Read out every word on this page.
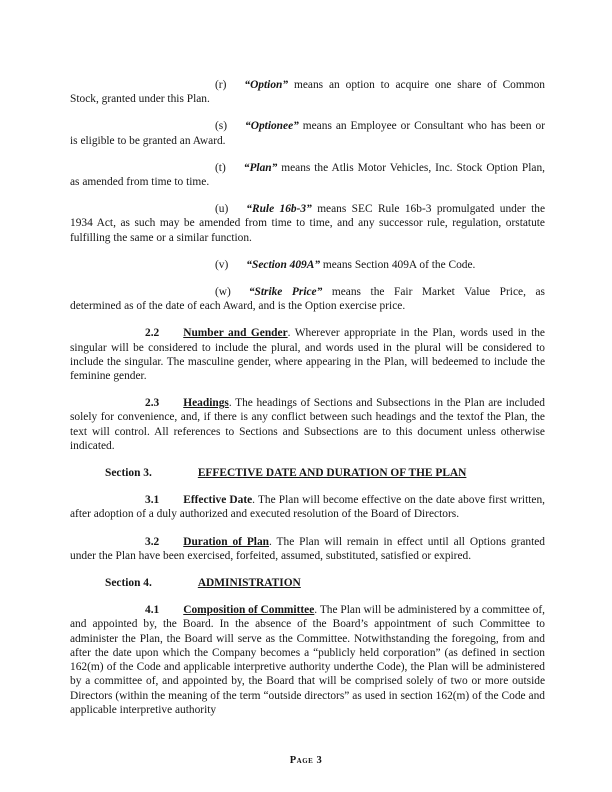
(r) “Option” means an option to acquire one share of Common Stock, granted under this Plan.

(s) “Optionee” means an Employee or Consultant who has been or is eligible to be granted an Award.

(t) “Plan” means the Atlis Motor Vehicles, Inc. Stock Option Plan, as amended from time to time.

(u) “Rule 16b-3” means SEC Rule 16b-3 promulgated under the 1934 Act, as such may be amended from time to time, and any successor rule, regulation, orstatute fulfilling the same or a similar function.

(v) “Section 409A” means Section 409A of the Code.

(w) “Strike Price” means the Fair Market Value Price, as determined as of the date of each Award, and is the Option exercise price.

2.2 Number and Gender. Wherever appropriate in the Plan, words used in the singular will be considered to include the plural, and words used in the plural will be considered to include the singular. The masculine gender, where appearing in the Plan, will bedeemed to include the feminine gender.

2.3 Headings. The headings of Sections and Subsections in the Plan are included solely for convenience, and, if there is any conflict between such headings and the textof the Plan, the text will control. All references to Sections and Subsections are to this document unless otherwise indicated.

Section 3.	EFFECTIVE DATE AND DURATION OF THE PLAN

3.1 Effective Date. The Plan will become effective on the date above first written, after adoption of a duly authorized and executed resolution of the Board of Directors.

3.2 Duration of Plan. The Plan will remain in effect until all Options granted under the Plan have been exercised, forfeited, assumed, substituted, satisfied or expired.

Section 4.	ADMINISTRATION

4.1 Composition of Committee. The Plan will be administered by a committee of, and appointed by, the Board. In the absence of the Board’s appointment of such Committee to administer the Plan, the Board will serve as the Committee. Notwithstanding the foregoing, from and after the date upon which the Company becomes a “publicly held corporation” (as defined in section 162(m) of the Code and applicable interpretive authority underthe Code), the Plan will be administered by a committee of, and appointed by, the Board that will be comprised solely of two or more outside Directors (within the meaning of the term “outside directors” as used in section 162(m) of the Code and applicable interpretive authority

Page 3
